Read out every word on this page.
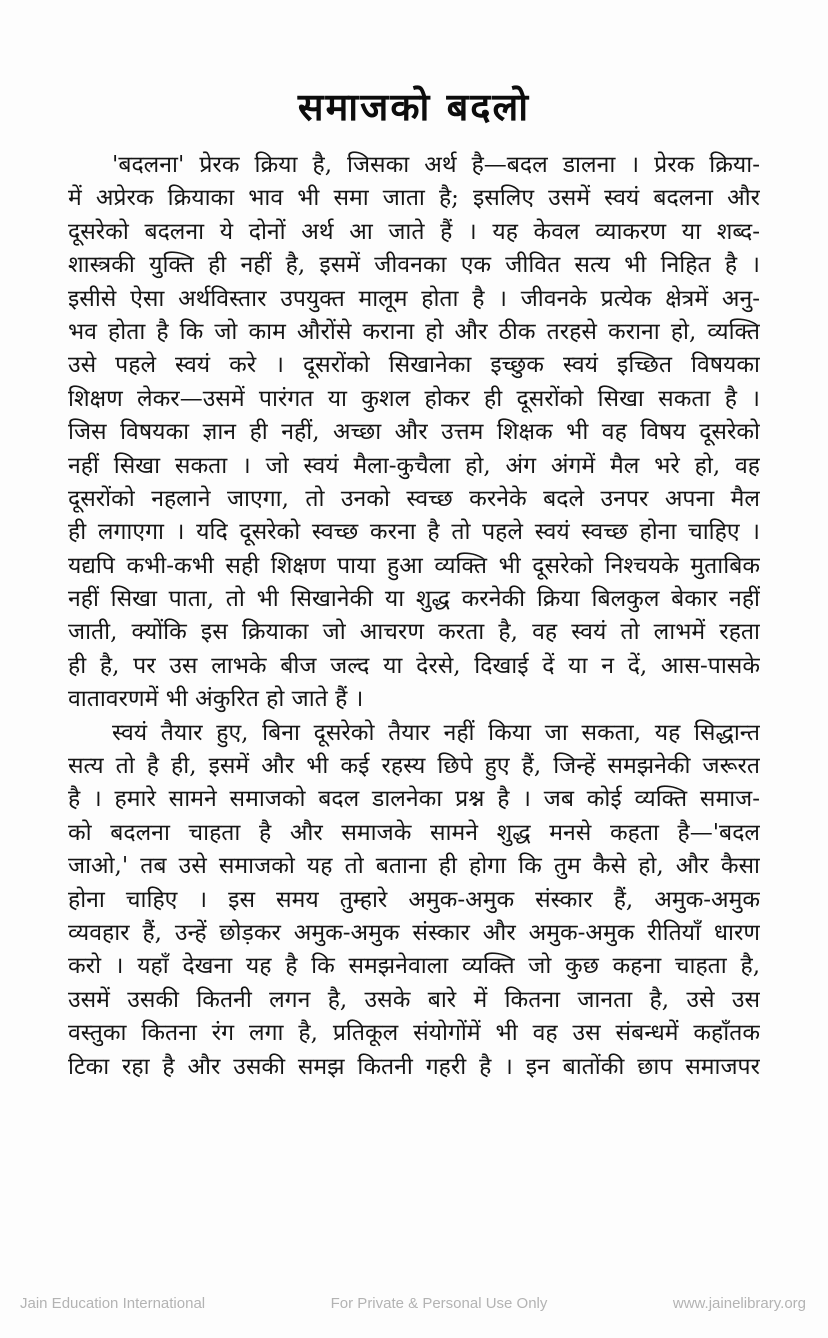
समाजको बदलो
'बदलना' प्रेरक क्रिया है, जिसका अर्थ है—बदल डालना । प्रेरक क्रिया-
में अप्रेरक क्रियाका भाव भी समा जाता है; इसलिए उसमें स्वयं बदलना और
दूसरेको बदलना ये दोनों अर्थ आ जाते हैं । यह केवल व्याकरण या शब्द-
शास्त्रकी युक्ति ही नहीं है, इसमें जीवनका एक जीवित सत्य भी निहित है ।
इसीसे ऐसा अर्थविस्तार उपयुक्त मालूम होता है । जीवनके प्रत्येक क्षेत्रमें अनु-
भव होता है कि जो काम औरोंसे कराना हो और ठीक तरहसे कराना हो, व्यक्ति
उसे पहले स्वयं करे । दूसरोंको सिखानेका इच्छुक स्वयं इच्छित विषयका
शिक्षण लेकर—उसमें पारंगत या कुशल होकर ही दूसरोंको सिखा सकता है ।
जिस विषयका ज्ञान ही नहीं, अच्छा और उत्तम शिक्षक भी वह विषय दूसरेको
नहीं सिखा सकता । जो स्वयं मैला-कुचैला हो, अंग अंगमें मैल भरे हो, वह
दूसरोंको नहलाने जाएगा, तो उनको स्वच्छ करनेके बदले उनपर अपना मैल
ही लगाएगा । यदि दूसरेको स्वच्छ करना है तो पहले स्वयं स्वच्छ होना चाहिए ।
यद्यपि कभी-कभी सही शिक्षण पाया हुआ व्यक्ति भी दूसरेको निश्चयके मुताबिक
नहीं सिखा पाता, तो भी सिखानेकी या शुद्ध करनेकी क्रिया बिलकुल बेकार नहीं
जाती, क्योंकि इस क्रियाका जो आचरण करता है, वह स्वयं तो लाभमें रहता
ही है, पर उस लाभके बीज जल्द या देरसे, दिखाई दें या न दें, आस-पासके
वातावरणमें भी अंकुरित हो जाते हैं ।
स्वयं तैयार हुए, बिना दूसरेको तैयार नहीं किया जा सकता, यह सिद्धान्त
सत्य तो है ही, इसमें और भी कई रहस्य छिपे हुए हैं, जिन्हें समझनेकी जरूरत
है । हमारे सामने समाजको बदल डालनेका प्रश्न है । जब कोई व्यक्ति समाज-
को बदलना चाहता है और समाजके सामने शुद्ध मनसे कहता है—'बदल
जाओ,' तब उसे समाजको यह तो बताना ही होगा कि तुम कैसे हो, और कैसा
होना चाहिए । इस समय तुम्हारे अमुक-अमुक संस्कार हैं, अमुक-अमुक
व्यवहार हैं, उन्हें छोड़कर अमुक-अमुक संस्कार और अमुक-अमुक रीतियाँ धारण
करो । यहाँ देखना यह है कि समझनेवाला व्यक्ति जो कुछ कहना चाहता है,
उसमें उसकी कितनी लगन है, उसके बारे में कितना जानता है, उसे उस
वस्तुका कितना रंग लगा है, प्रतिकूल संयोगोंमें भी वह उस संबन्धमें कहाँतक
टिका रहा है और उसकी समझ कितनी गहरी है । इन बातोंकी छाप समाजपर
Jain Education International	For Private & Personal Use Only	www.jainelibrary.org
